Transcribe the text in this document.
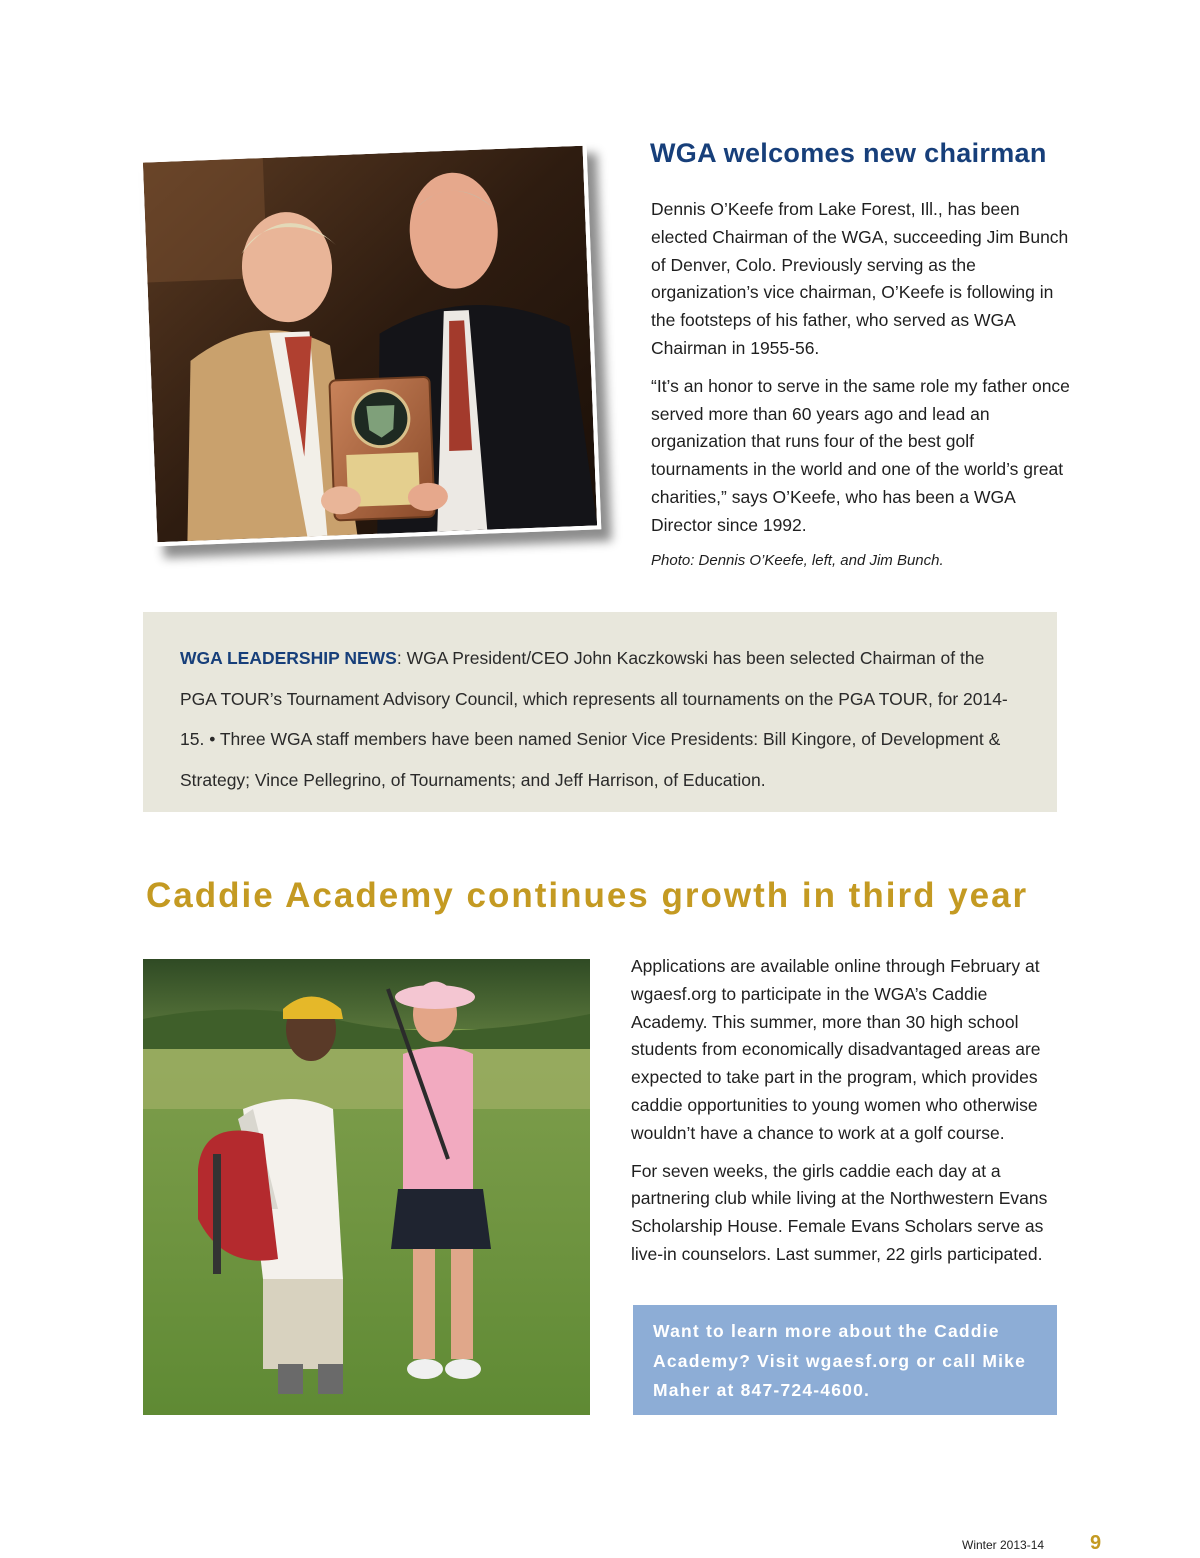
WGA welcomes new chairman

Dennis O’Keefe from Lake Forest, Ill., has been elected Chairman of the WGA, succeeding Jim Bunch of Denver, Colo. Previously serving as the organization’s vice chairman, O’Keefe is following in the footsteps of his father, who served as WGA Chairman in 1955-56.

“It’s an honor to serve in the same role my father once served more than 60 years ago and lead an organization that runs four of the best golf tournaments in the world and one of the world’s great charities,” says O’Keefe, who has been a WGA Director since 1992.

Photo: Dennis O’Keefe, left, and Jim Bunch.

WGA LEADERSHIP NEWS: WGA President/CEO John Kaczkowski has been selected Chairman of the PGA TOUR’s Tournament Advisory Council, which represents all tournaments on the PGA TOUR, for 2014-15. • Three WGA staff members have been named Senior Vice Presidents: Bill Kingore, of Development & Strategy; Vince Pellegrino, of Tournaments; and Jeff Harrison, of Education.

Caddie Academy continues growth in third year

Applications are available online through February at wgaesf.org to participate in the WGA’s Caddie Academy. This summer, more than 30 high school students from economically disadvantaged areas are expected to take part in the program, which provides caddie opportunities to young women who otherwise wouldn’t have a chance to work at a golf course.

For seven weeks, the girls caddie each day at a partnering club while living at the Northwestern Evans Scholarship House. Female Evans Scholars serve as live-in counselors. Last summer, 22 girls participated.

Want to learn more about the Caddie Academy? Visit wgaesf.org or call Mike Maher at 847-724-4600.

Winter 2013-14 9
